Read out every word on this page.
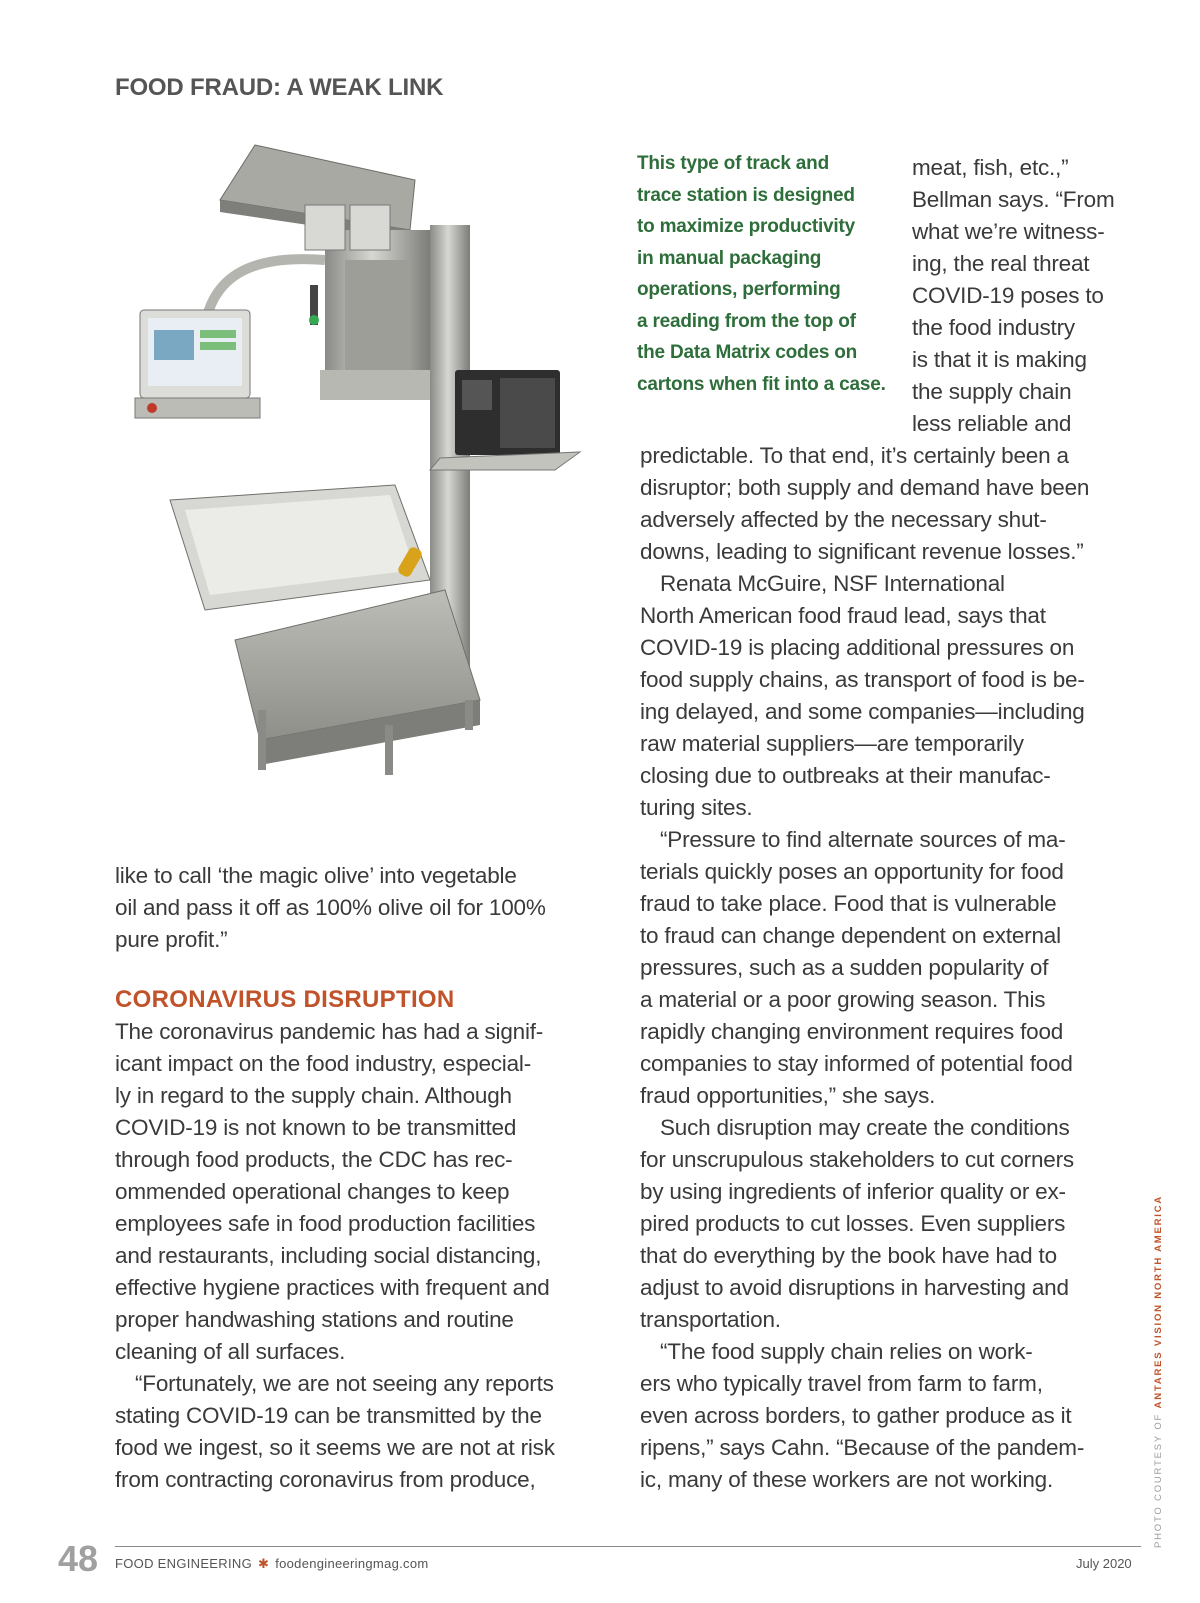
FOOD FRAUD: A WEAK LINK
This type of track and
trace station is designed
to maximize productivity
in manual packaging
operations, performing
a reading from the top of
the Data Matrix codes on
cartons when fit into a case.
meat, fish, etc.,”
Bellman says. “From
what we’re witness-
ing, the real threat
COVID-19 poses to
the food industry
is that it is making
the supply chain
less reliable and
predictable. To that end, it’s certainly been a
disruptor; both supply and demand have been
adversely affected by the necessary shut-
downs, leading to significant revenue losses.”
Renata McGuire, NSF International
North American food fraud lead, says that
COVID-19 is placing additional pressures on
food supply chains, as transport of food is be-
ing delayed, and some companies—including
raw material suppliers—are temporarily
closing due to outbreaks at their manufac-
turing sites.
“Pressure to find alternate sources of ma-
terials quickly poses an opportunity for food
fraud to take place. Food that is vulnerable
to fraud can change dependent on external
pressures, such as a sudden popularity of
a material or a poor growing season. This
rapidly changing environment requires food
companies to stay informed of potential food
fraud opportunities,” she says.
Such disruption may create the conditions
for unscrupulous stakeholders to cut corners
by using ingredients of inferior quality or ex-
pired products to cut losses. Even suppliers
that do everything by the book have had to
adjust to avoid disruptions in harvesting and
transportation.
“The food supply chain relies on work-
ers who typically travel from farm to farm,
even across borders, to gather produce as it
ripens,” says Cahn. “Because of the pandem-
ic, many of these workers are not working.
like to call ‘the magic olive’ into vegetable
oil and pass it off as 100% olive oil for 100%
pure profit.”
CORONAVIRUS DISRUPTION
The coronavirus pandemic has had a signif-
icant impact on the food industry, especial-
ly in regard to the supply chain. Although
COVID-19 is not known to be transmitted
through food products, the CDC has rec-
ommended operational changes to keep
employees safe in food production facilities
and restaurants, including social distancing,
effective hygiene practices with frequent and
proper handwashing stations and routine
cleaning of all surfaces.
“Fortunately, we are not seeing any reports
stating COVID-19 can be transmitted by the
food we ingest, so it seems we are not at risk
from contracting coronavirus from produce,	PHOTO COURTESY OF ANTARES VISION NORTH AMERICA
48 FOOD ENGINEERING ✱ foodengineeringmag.com	July 2020
